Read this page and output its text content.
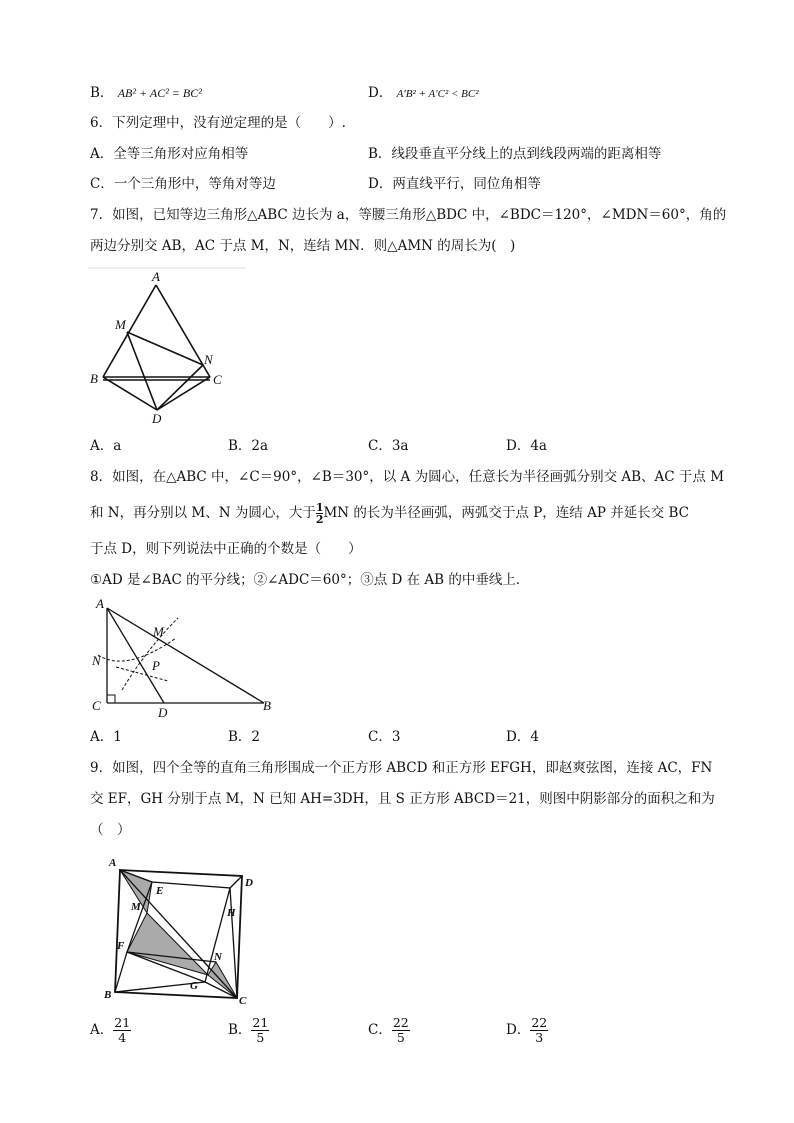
B． AB² + AC² = BC²	D． A′B² + A′C² < BC²
6．下列定理中，没有逆定理的是（　　）.
A．全等三角形对应角相等	B．线段垂直平分线上的点到线段两端的距离相等
C．一个三角形中，等角对等边	D．两直线平行，同位角相等
7．如图，已知等边三角形△ABC 边长为 a，等腰三角形△BDC 中，∠BDC＝120°，∠MDN＝60°，角的
两边分别交 AB，AC 于点 M，N，连结 MN．则△AMN 的周长为(　)
A
M
N
B	C
D
A．a	B．2a	C．3a	D．4a
8．如图，在△ABC 中，∠C＝90°，∠B＝30°，以 A 为圆心，任意长为半径画弧分别交 AB、AC 于点 M
和 N，再分别以 M、N 为圆心，大于 $\frac{1}{2}$ MN 的长为半径画弧，两弧交于点 P，连结 AP 并延长交 BC
于点 D，则下列说法中正确的个数是（　　）
①AD 是∠BAC 的平分线；②∠ADC＝60°；③点 D 在 AB 的中垂线上．
A
M
N	P
C	D	B
A．1	B．2	C．3	D．4
9．如图，四个全等的直角三角形围成一个正方形 ABCD 和正方形 EFGH，即赵爽弦图，连接 AC，FN
交 EF，GH 分别于点 M，N 已知 AH=3DH，且 S 正方形 ABCD＝21，则图中阴影部分的面积之和为
（　）
A
D
E
H
M
F
N
G
B	C
A． $\frac{21}{4}$	B． $\frac{21}{5}$	C． $\frac{22}{5}$	D． $\frac{22}{3}$
